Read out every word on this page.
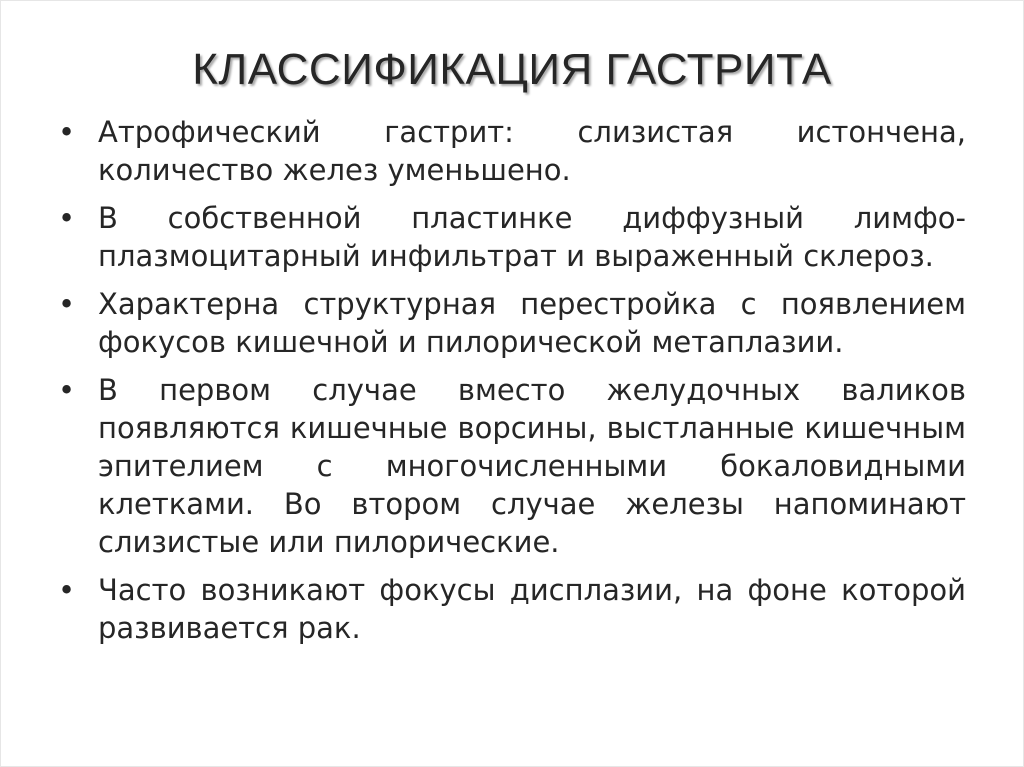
КЛАССИФИКАЦИЯ ГАСТРИТА
• Атрофический гастрит: слизистая истончена, количество желез уменьшено.
• В собственной пластинке диффузный лимфо-плазмоцитарный инфильтрат и выраженный склероз.
• Характерна структурная перестройка с появлением фокусов кишечной и пилорической метаплазии.
• В первом случае вместо желудочных валиков появляются кишечные ворсины, выстланные кишечным эпителием с многочисленными бокаловидными клетками. Во втором случае железы напоминают слизистые или пилорические.
• Часто возникают фокусы дисплазии, на фоне которой развивается рак.
